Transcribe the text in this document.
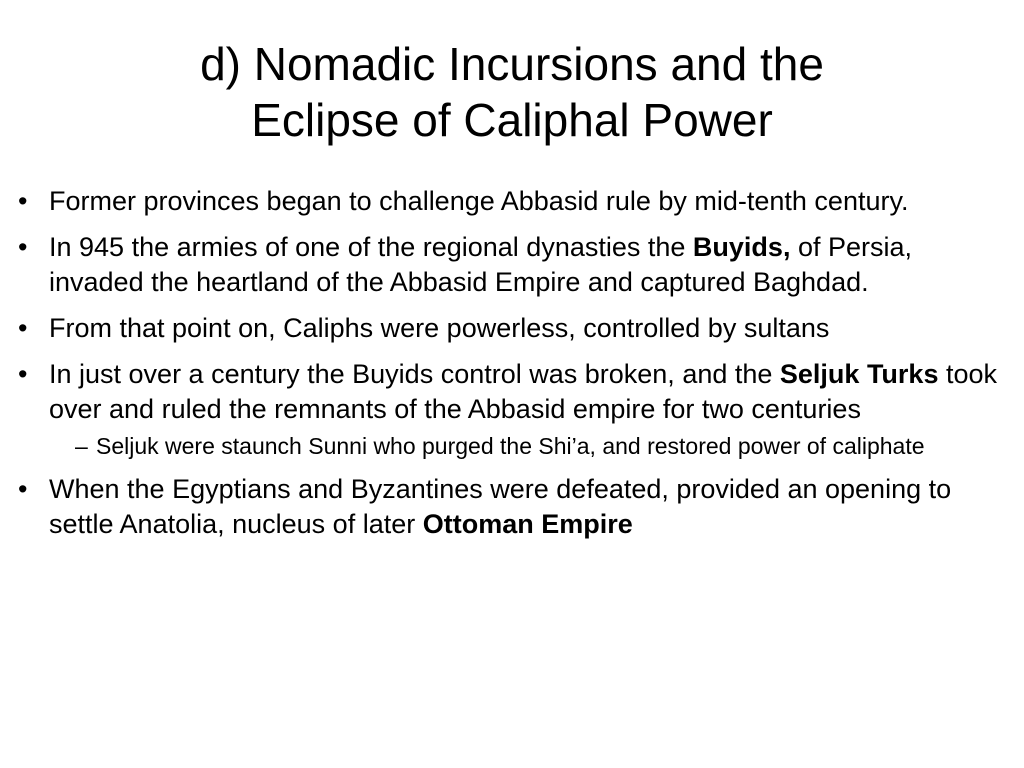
d) Nomadic Incursions and the
Eclipse of Caliphal Power
• Former provinces began to challenge Abbasid rule by mid-tenth century.
• In 945 the armies of one of the regional dynasties the Buyids, of Persia, invaded the heartland of the Abbasid Empire and captured Baghdad.
• From that point on, Caliphs were powerless, controlled by sultans
• In just over a century the Buyids control was broken, and the Seljuk Turks took over and ruled the remnants of the Abbasid empire for two centuries
– Seljuk were staunch Sunni who purged the Shi’a, and restored power of caliphate
• When the Egyptians and Byzantines were defeated, provided an opening to settle Anatolia, nucleus of later Ottoman Empire
